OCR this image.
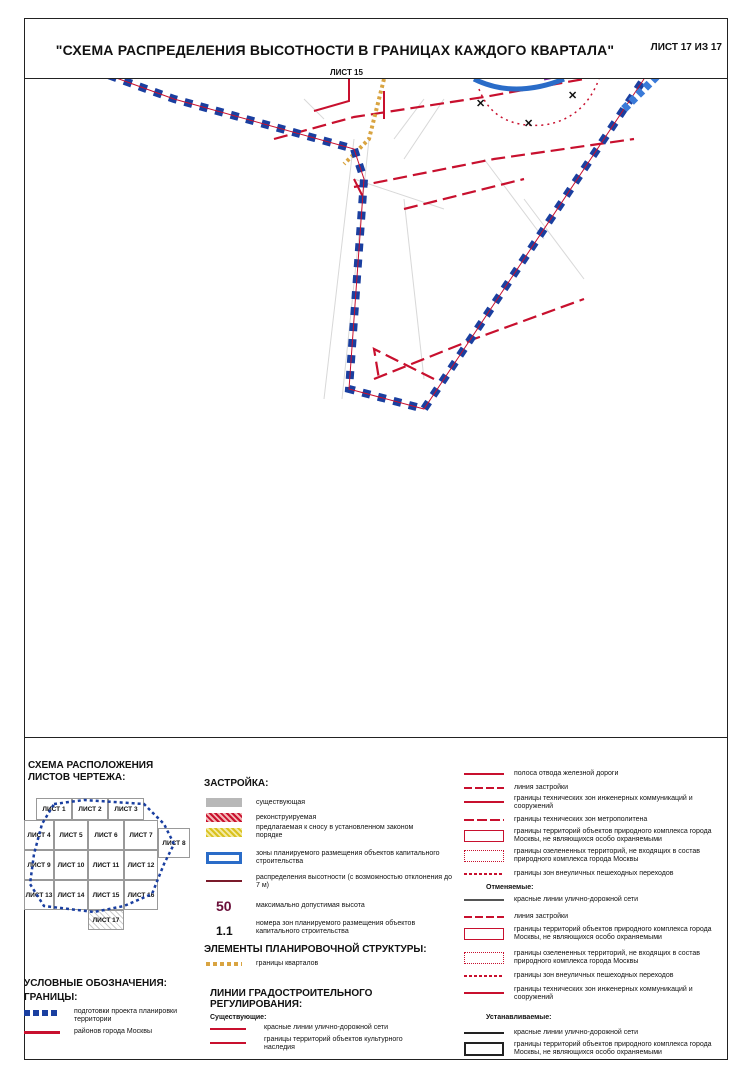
"СХЕМА РАСПРЕДЕЛЕНИЯ ВЫСОТНОСТИ В ГРАНИЦАХ КАЖДОГО КВАРТАЛА"	ЛИСТ 17 ИЗ 17
✕
✕
✕
ЛИСТ 15
СХЕМА РАСПОЛОЖЕНИЯ ЛИСТОВ ЧЕРТЕЖА:
ЛИСТ 1	ЛИСТ 2	ЛИСТ 3
ЛИСТ 4	ЛИСТ 5	ЛИСТ 6	ЛИСТ 7
ЛИСТ 8
ЛИСТ 9	ЛИСТ 10	ЛИСТ 11	ЛИСТ 12
ЛИСТ 13 ЛИСТ 14	ЛИСТ 15	ЛИСТ 16
ЛИСТ 17
УСЛОВНЫЕ ОБОЗНАЧЕНИЯ:
ГРАНИЦЫ:
подготовки проекта планировки территории
районов города Москвы
ЗАСТРОЙКА:
существующая
реконструируемая
предлагаемая к сносу в установленном законом порядке
зоны планируемого размещения объектов капитального строительства
распределения высотности (с возможностью отклонения до 7 м)
50	максимально допустимая высота
1.1
номера зон планируемого размещения объектов капитального строительства
ЭЛЕМЕНТЫ ПЛАНИРОВОЧНОЙ СТРУКТУРЫ:
границы кварталов
ЛИНИИ ГРАДОСТРОИТЕЛЬНОГО РЕГУЛИРОВАНИЯ:
Существующие:
красные линии улично-дорожной сети
границы территорий объектов культурного наследия
полоса отвода железной дороги
линия застройки
границы технических зон инженерных коммуникаций и сооружений
границы технических зон метрополитена
границы территорий объектов природного комплекса города Москвы, не являющихся особо охраняемыми
границы озелененных территорий, не входящих в состав природного комплекса города Москвы
границы зон внеуличных пешеходных переходов
Отменяемые:
красные линии улично-дорожной сети
линия застройки
границы территорий объектов природного комплекса города Москвы, не являющихся особо охраняемыми
границы озелененных территорий, не входящих в состав природного комплекса города Москвы
границы зон внеуличных пешеходных переходов
границы технических зон инженерных коммуникаций и сооружений
Устанавливаемые:
красные линии улично-дорожной сети
границы территорий объектов природного комплекса города Москвы, не являющихся особо охраняемыми
